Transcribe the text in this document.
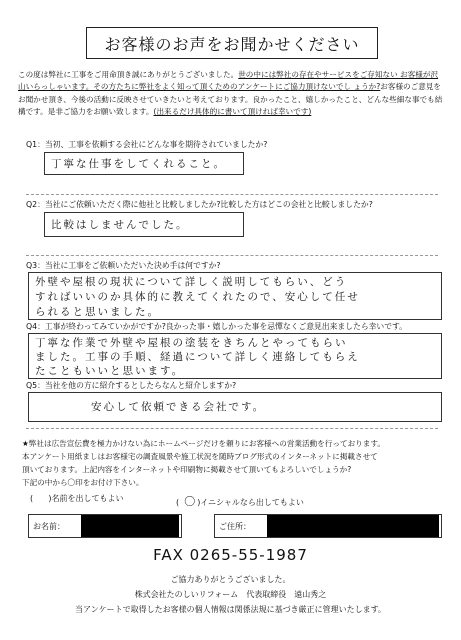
お客様のお声をお聞かせください
この度は弊社に工事をご用命頂き誠にありがとうございました。世の中には弊社の存在やサービスをご存知ない お客様が沢山いらっしゃいます。その方たちに弊社をよく知って頂くためのアンケートにご協力頂けないでし ょうか?お客様のご意見をお聞かせ頂き、今後の活動に反映させていきたいと考えております。良かったこと、嬉しかったこと、どんな些細な事でも結構です。是非ご協力をお願い致します。(出来るだけ具体的に書いて頂ければ幸いです)
Q1：当初、工事を依頼する会社にどんな事を期待されていましたか?
丁寧な仕事をしてくれること。
Q2：当社にご依頼いただく際に他社と比較しましたか?比較した方はどこの会社と比較しましたか?
比較はしませんでした。
Q3：当社に工事をご依頼いただいた決め手は何ですか?
外壁や屋根の現状について詳しく説明してもらい、どう
すればいいのか具体的に教えてくれたので、安心して任せ
られると思いました。
Q4：工事が終わってみていかがですか?良かった事・嬉しかった事を忌憚なくご意見出来ましたら幸いです。
丁寧な作業で外壁や屋根の塗装をきちんとやってもらい
ました。工事の手順、経過について詳しく連絡してもらえ
たこともいいと思います。
Q5：当社を他の方に紹介するとしたらなんと紹介しますか?
安心して依頼できる会社です。
★弊社は広告宣伝費を極力かけない為にホームページだけを頼りにお客様への営業活動を行っております。
本アンケート用紙ましはお客様宅の調査風景や施工状況を随時ブログ形式のインターネットに掲載させて
頂いております。上記内容をインターネットや印刷物に掲載させて頂いてもよろしいでしょうか?
下記の中から〇印をお付け下さい。
(      )名前を出してもよい	(  〇)イニシャルなら出してもよい
お名前：	ご住所：
FAX 0265-55-1987
ご協力ありがとうございました。
株式会社たのしいリフォーム　代表取締役　遠山秀之
当アンケートで取得したお客様の個人情報は関係法規に基づき厳正に管理いたします。
